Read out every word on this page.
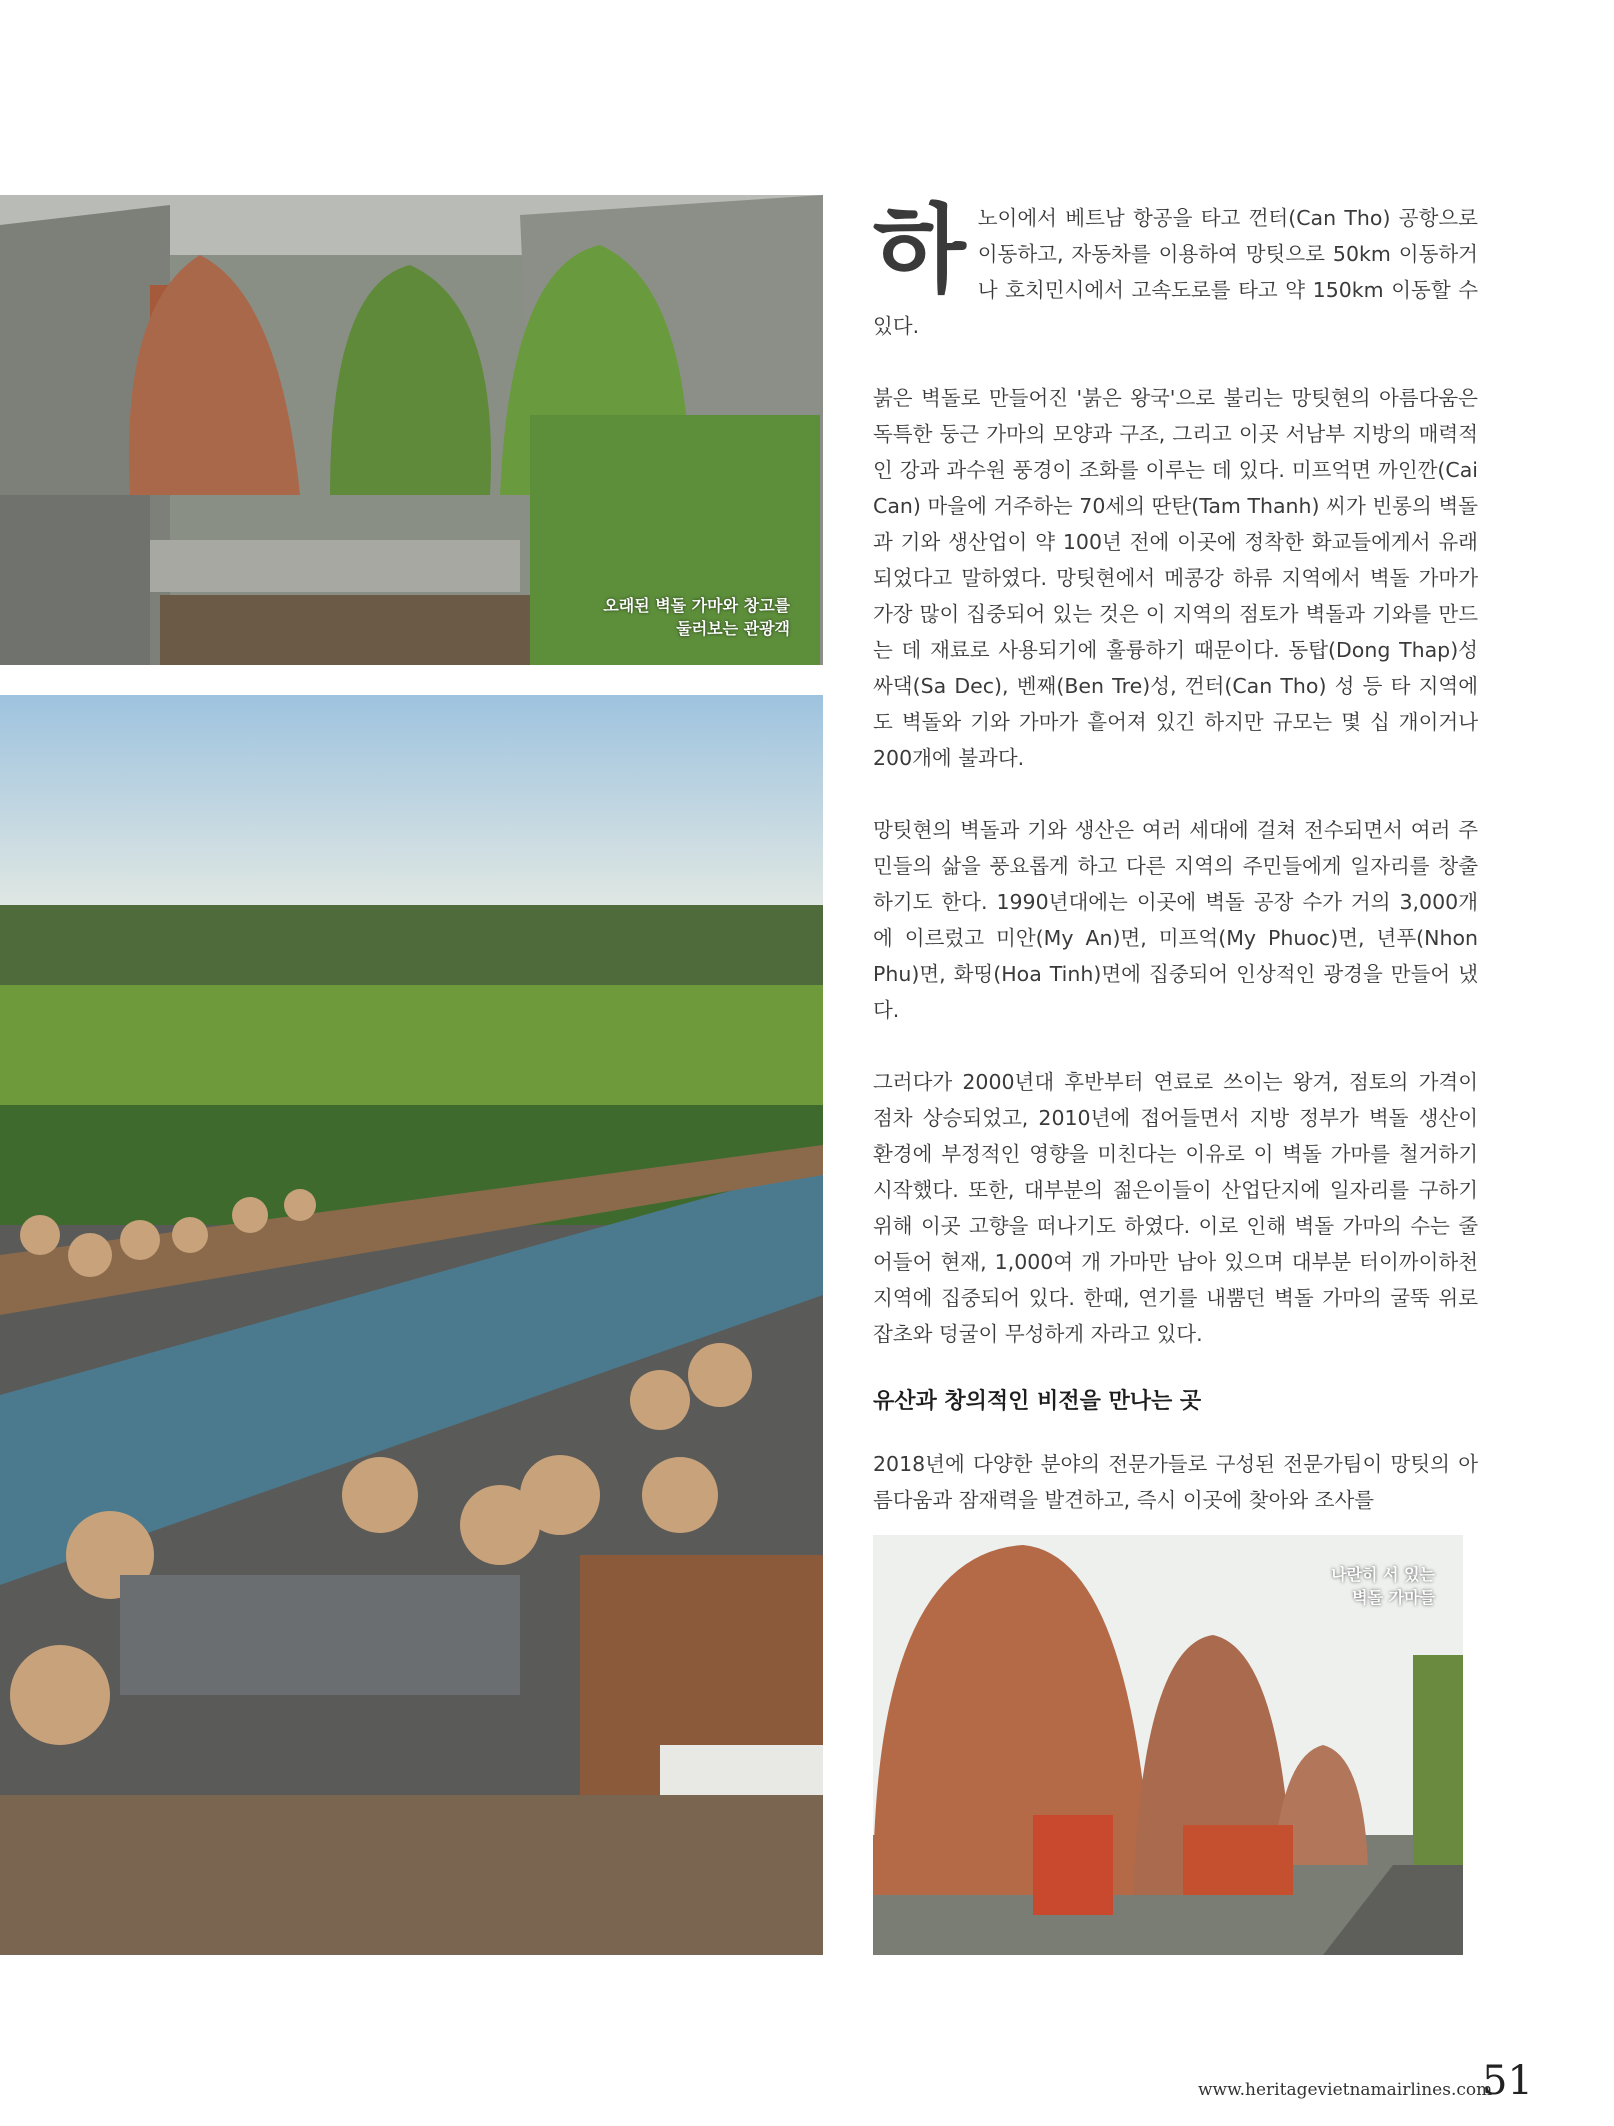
오래된 벽돌 가마와 창고를
둘러보는 관광객
나란히 서 있는
벽돌 가마들

하 노이에서 베트남 항공을 타고 껀터(Can Tho) 공항으로 이동하고, 자동차를 이용하여 망팃으로 50km 이동하거나 호치민시에서 고속도로를 타고 약 150km 이동할 수 있다.

붉은 벽돌로 만들어진 '붉은 왕국'으로 불리는 망팃현의 아름다움은 독특한 둥근 가마의 모양과 구조, 그리고 이곳 서남부 지방의 매력적인 강과 과수원 풍경이 조화를 이루는 데 있다. 미프억면 까인깐(Cai Can) 마을에 거주하는 70세의 딴탄(Tam Thanh) 씨가 빈롱의 벽돌과 기와 생산업이 약 100년 전에 이곳에 정착한 화교들에게서 유래되었다고 말하였다. 망팃현에서 메콩강 하류 지역에서 벽돌 가마가 가장 많이 집중되어 있는 것은 이 지역의 점토가 벽돌과 기와를 만드는 데 재료로 사용되기에 훌륭하기 때문이다. 동탑(Dong Thap)성 싸댁(Sa Dec), 벤째(Ben Tre)성, 껀터(Can Tho) 성 등 타 지역에도 벽돌와 기와 가마가 흩어져 있긴 하지만 규모는 몇 십 개이거나 200개에 불과다.

망팃현의 벽돌과 기와 생산은 여러 세대에 걸쳐 전수되면서 여러 주민들의 삶을 풍요롭게 하고 다른 지역의 주민들에게 일자리를 창출하기도 한다. 1990년대에는 이곳에 벽돌 공장 수가 거의 3,000개에 이르렀고 미안(My An)면, 미프억(My Phuoc)면, 년푸(Nhon Phu)면, 화띵(Hoa Tinh)면에 집중되어 인상적인 광경을 만들어 냈다.

그러다가 2000년대 후반부터 연료로 쓰이는 왕겨, 점토의 가격이 점차 상승되었고, 2010년에 접어들면서 지방 정부가 벽돌 생산이 환경에 부정적인 영향을 미친다는 이유로 이 벽돌 가마를 철거하기 시작했다. 또한, 대부분의 젊은이들이 산업단지에 일자리를 구하기 위해 이곳 고향을 떠나기도 하였다. 이로 인해 벽돌 가마의 수는 줄어들어 현재, 1,000여 개 가마만 남아 있으며 대부분 터이까이하천 지역에 집중되어 있다. 한때, 연기를 내뿜던 벽돌 가마의 굴뚝 위로 잡초와 덩굴이 무성하게 자라고 있다.

유산과 창의적인 비전을 만나는 곳

2018년에 다양한 분야의 전문가들로 구성된 전문가팀이 망팃의 아름다움과 잠재력을 발견하고, 즉시 이곳에 찾아와 조사를

www.heritagevietnamairlines.com
51
